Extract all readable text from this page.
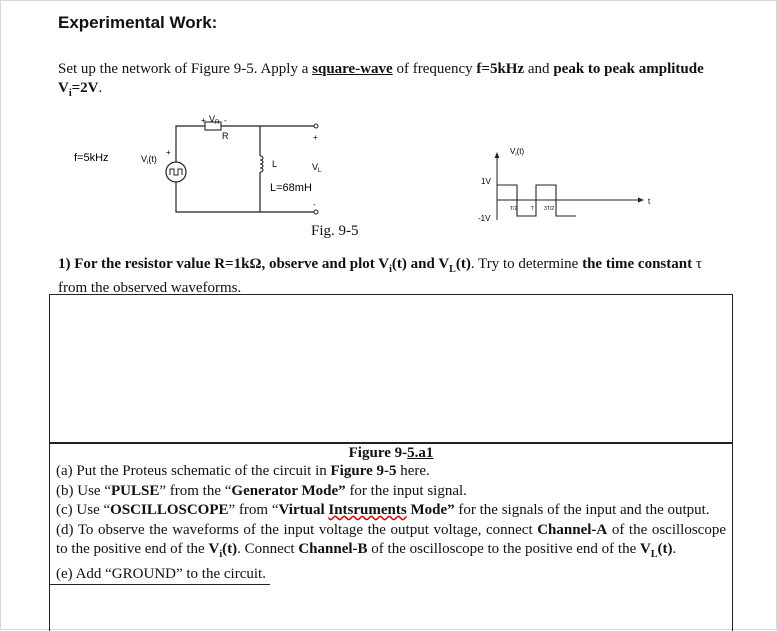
Experimental Work:
Set up the network of Figure 9-5. Apply a square-wave of frequency f=5kHz and peak to peak amplitude $V_i=2V$.
$V_R$
+ -
R
+
$V_i(t)$
f=5kHz	L
L=68mH
+
-
$V_L$
$V_i(t)$
1V
-1V
t
T/2	T 3T/2
Fig. 9-5
1) For the resistor value R=1kΩ, observe and plot $V_i(t)$ and $V_L(t)$. Try to determine the time constant τ from the observed waveforms.
Figure 9-5.a1
(a) Put the Proteus schematic of the circuit in Figure 9-5 here.
(b) Use “PULSE” from the “Generator Mode” for the input signal.
(c) Use “OSCILLOSCOPE” from “Virtual Intsruments Mode” for the signals of the input and the output.
(d) To observe the waveforms of the input voltage the output voltage, connect Channel-A of the oscilloscope to the positive end of the $V_i(t)$. Connect Channel-B of the oscilloscope to the positive end of the $V_L(t)$.
(e) Add “GROUND” to the circuit.
